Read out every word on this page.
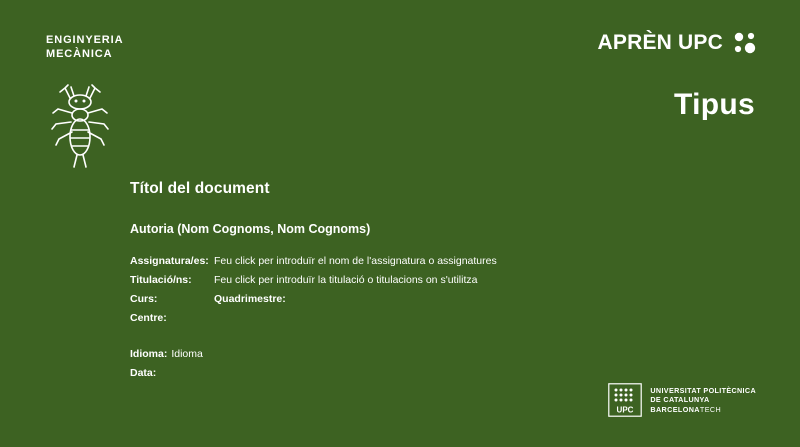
ENGINYERIA
MECÀNICA	APRÈN UPC
Tipus
Títol del document
Autoria (Nom Cognoms, Nom Cognoms)
Assignatura/es: Feu click per introduïr el nom de l'assignatura o assignatures
Titulació/ns:	Feu click per introduïr la titulació o titulacions on s'utilitza
Curs:	Quadrimestre:
Centre:
Idioma: Idioma
Data:
UPC
UNIVERSITAT POLITÈCNICA
DE CATALUNYA
BARCELONATECH
